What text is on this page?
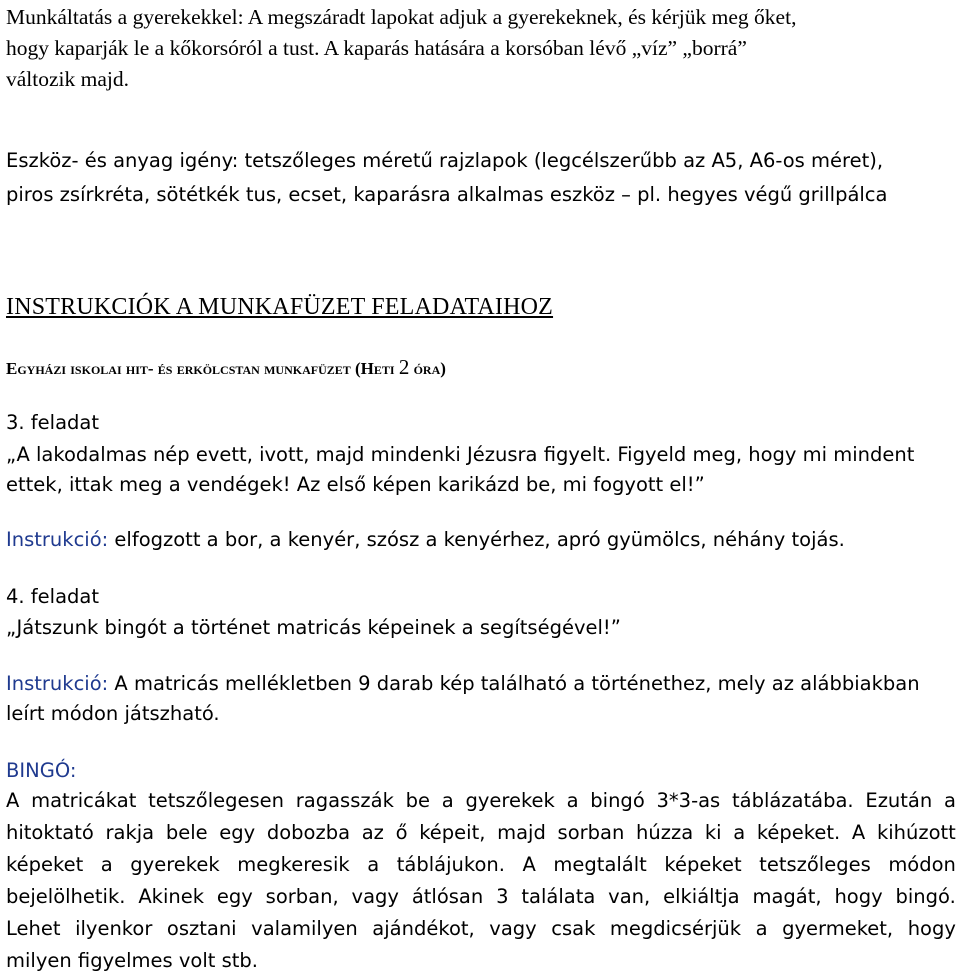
Munkáltatás a gyerekekkel: A megszáradt lapokat adjuk a gyerekeknek, és kérjük meg őket,
hogy kaparják le a kőkorsóról a tust. A kaparás hatására a korsóban lévő „víz” „borrá”
változik majd.
Eszköz- és anyag igény: tetszőleges méretű rajzlapok (legcélszerűbb az A5, A6-os méret),
piros zsírkréta, sötétkék tus, ecset, kaparásra alkalmas eszköz – pl. hegyes végű grillpálca
INSTRUKCIÓK A MUNKAFÜZET FELADATAIHOZ
Egyházi iskolai hit- és erkölcstan munkafüzet (Heti 2 óra)
3. feladat
„A lakodalmas nép evett, ivott, majd mindenki Jézusra figyelt. Figyeld meg, hogy mi mindent
ettek, ittak meg a vendégek! Az első képen karikázd be, mi fogyott el!”
Instrukció: elfogzott a bor, a kenyér, szósz a kenyérhez, apró gyümölcs, néhány tojás.
4. feladat
„Játszunk bingót a történet matricás képeinek a segítségével!”
Instrukció: A matricás mellékletben 9 darab kép található a történethez, mely az alábbiakban
leírt módon játszható.
BINGÓ:
A matricákat tetszőlegesen ragasszák be a gyerekek a bingó 3*3-as táblázatába. Ezután a
hitoktató rakja bele egy dobozba az ő képeit, majd sorban húzza ki a képeket. A kihúzott
képeket a gyerekek megkeresik a táblájukon. A megtalált képeket tetszőleges módon
bejelölhetik. Akinek egy sorban, vagy átlósan 3 találata van, elkiáltja magát, hogy bingó.
Lehet ilyenkor osztani valamilyen ajándékot, vagy csak megdicsérjük a gyermeket, hogy
milyen figyelmes volt stb.
